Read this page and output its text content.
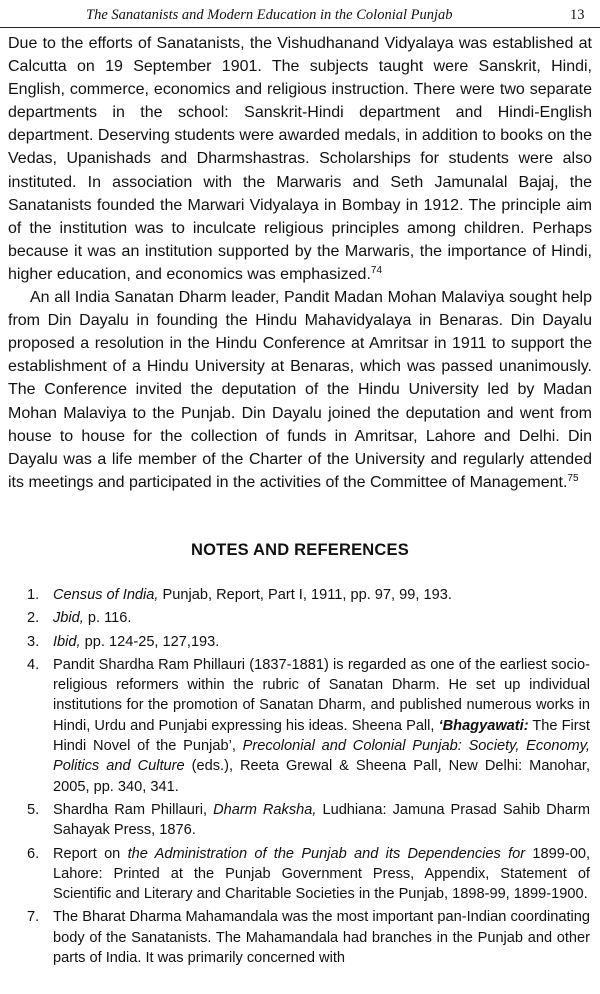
The Sanatanists and Modern Education in the Colonial Punjab	13

Due to the efforts of Sanatanists, the Vishudhanand Vidyalaya was established at Calcutta on 19 September 1901. The subjects taught were Sanskrit, Hindi, English, commerce, economics and religious instruction. There were two separate departments in the school: Sanskrit-Hindi department and Hindi-English department. Deserving students were awarded medals, in addition to books on the Vedas, Upanishads and Dharmshastras. Scholarships for students were also instituted. In association with the Marwaris and Seth Jamunalal Bajaj, the Sanatanists founded the Marwari Vidyalaya in Bombay in 1912. The principle aim of the institution was to inculcate religious principles among children. Perhaps because it was an institution supported by the Marwaris, the importance of Hindi, higher education, and economics was emphasized.$^{74}$

An all India Sanatan Dharm leader, Pandit Madan Mohan Malaviya sought help from Din Dayalu in founding the Hindu Mahavidyalaya in Benaras. Din Dayalu proposed a resolution in the Hindu Conference at Amritsar in 1911 to support the establishment of a Hindu University at Benaras, which was passed unanimously. The Conference invited the deputation of the Hindu University led by Madan Mohan Malaviya to the Punjab. Din Dayalu joined the deputation and went from house to house for the collection of funds in Amritsar, Lahore and Delhi. Din Dayalu was a life member of the Charter of the University and regularly attended its meetings and participated in the activities of the Committee of Management.$^{75}$

NOTES AND REFERENCES
1. Census of India, Punjab, Report, Part I, 1911, pp. 97, 99, 193.
2. Jbid, p. 116.
3. Ibid, pp. 124-25, 127,193.
4. Pandit Shardha Ram Phillauri (1837-1881) is regarded as one of the earliest socio-religious reformers within the rubric of Sanatan Dharm. He set up individual institutions for the promotion of Sanatan Dharm, and published numerous works in Hindi, Urdu and Punjabi expressing his ideas. Sheena Pall, ‘Bhagyawati: The First Hindi Novel of the Punjab’, Precolonial and Colonial Punjab: Society, Economy, Politics and Culture (eds.), Reeta Grewal & Sheena Pall, New Delhi: Manohar, 2005, pp. 340, 341.
5. Shardha Ram Phillauri, Dharm Raksha, Ludhiana: Jamuna Prasad Sahib Dharm Sahayak Press, 1876.
6. Report on the Administration of the Punjab and its Dependencies for 1899-00, Lahore: Printed at the Punjab Government Press, Appendix, Statement of Scientific and Literary and Charitable Societies in the Punjab, 1898-99, 1899-1900.
7. The Bharat Dharma Mahamandala was the most important pan-Indian coordinating body of the Sanatanists. The Mahamandala had branches in the Punjab and other parts of India. It was primarily concerned with
